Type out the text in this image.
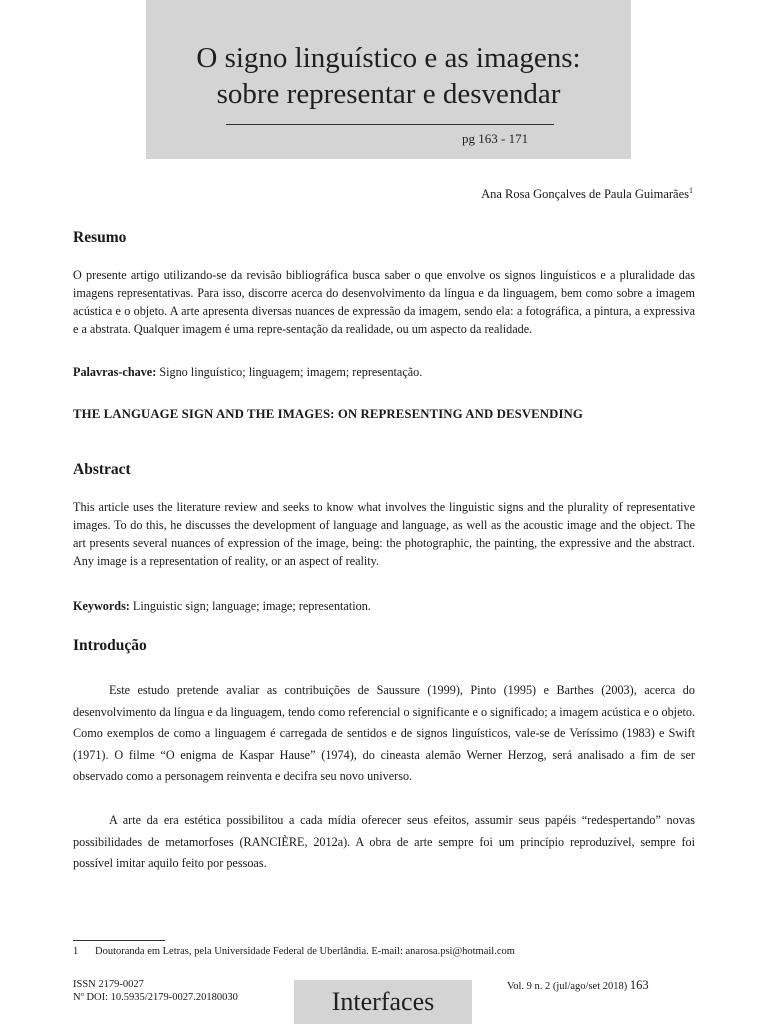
O signo linguístico e as imagens:
sobre representar e desvendar
pg 163 - 171
Ana Rosa Gonçalves de Paula Guimarães$^1$
Resumo

O presente artigo utilizando-se da revisão bibliográfica busca saber o que envolve os signos linguísticos e a pluralidade das imagens representativas. Para isso, discorre acerca do desenvolvimento da língua e da linguagem, bem como sobre a imagem acústica e o objeto. A arte apresenta diversas nuances de expressão da imagem, sendo ela: a fotográfica, a pintura, a expressiva e a abstrata. Qualquer imagem é uma repre-sentação da realidade, ou um aspecto da realidade.

Palavras-chave: Signo linguístico; linguagem; imagem; representação.

THE LANGUAGE SIGN AND THE IMAGES: ON REPRESENTING AND DESVENDING
Abstract

This article uses the literature review and seeks to know what involves the linguistic signs and the plurality of representative images. To do this, he discusses the development of language and language, as well as the acoustic image and the object. The art presents several nuances of expression of the image, being: the photographic, the painting, the expressive and the abstract. Any image is a representation of reality, or an aspect of reality.

Keywords: Linguistic sign; language; image; representation.

Introdução

Este estudo pretende avaliar as contribuições de Saussure (1999), Pinto (1995) e Barthes (2003), acerca do desenvolvimento da língua e da linguagem, tendo como referencial o significante e o significado; a imagem acústica e o objeto. Como exemplos de como a linguagem é carregada de sentidos e de signos linguísticos, vale-se de Veríssimo (1983) e Swift (1971). O filme “O enigma de Kaspar Hause” (1974), do cineasta alemão Werner Herzog, será analisado a fim de ser observado como a personagem reinventa e decifra seu novo universo.

A arte da era estética possibilitou a cada mídia oferecer seus efeitos, assumir seus papéis “redespertando” novas possibilidades de metamorfoses (RANCIÈRE, 2012a). A obra de arte sempre foi um princípio reproduzível, sempre foi possível imitar aquilo feito por pessoas.

1 Doutoranda em Letras, pela Universidade Federal de Uberlândia. E-mail: anarosa.psi@hotmail.com
ISSN 2179-0027
Nº DOI: 10.5935/2179-0027.20180030	Interfaces
Vol. 9 n. 2 (jul/ago/set 2018) 163
